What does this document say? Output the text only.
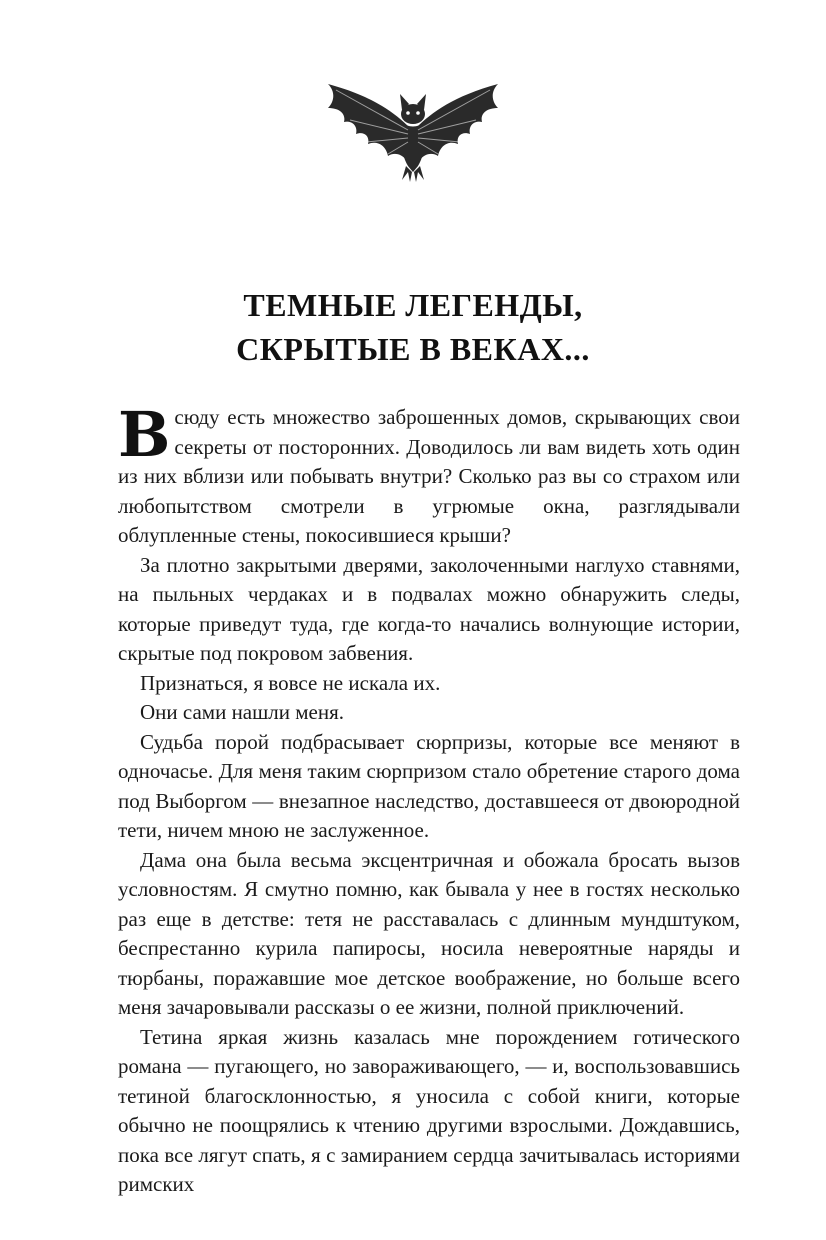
ТЕМНЫЕ ЛЕГЕНДЫ,
СКРЫТЫЕ В ВЕКАХ...

Всюду есть множество заброшенных домов, скрывающих свои секреты от посторонних. Доводилось ли вам видеть хоть один из них вблизи или побывать внутри? Сколько раз вы со страхом или любопытством смотрели в угрюмые окна, разглядывали облупленные стены, покосившиеся крыши?

За плотно закрытыми дверями, заколоченными наглухо ставнями, на пыльных чердаках и в подвалах можно обнаружить следы, которые приведут туда, где когда-то начались волнующие истории, скрытые под покровом забвения.

Признаться, я вовсе не искала их.

Они сами нашли меня.

Судьба порой подбрасывает сюрпризы, которые все меняют в одночасье. Для меня таким сюрпризом стало обретение старого дома под Выборгом — внезапное наследство, доставшееся от двоюродной тети, ничем мною не заслуженное.

Дама она была весьма эксцентричная и обожала бросать вызов условностям. Я смутно помню, как бывала у нее в гостях несколько раз еще в детстве: тетя не расставалась с длинным мундштуком, беспрестанно курила папиросы, носила невероятные наряды и тюрбаны, поражавшие мое детское воображение, но больше всего меня зачаровывали рассказы о ее жизни, полной приключений.

Тетина яркая жизнь казалась мне порождением готического романа — пугающего, но завораживающего, — и, воспользовавшись тетиной благосклонностью, я уносила с собой книги, которые обычно не поощрялись к чтению другими взрослыми. Дождавшись, пока все лягут спать, я с замиранием сердца зачитывалась историями римских
